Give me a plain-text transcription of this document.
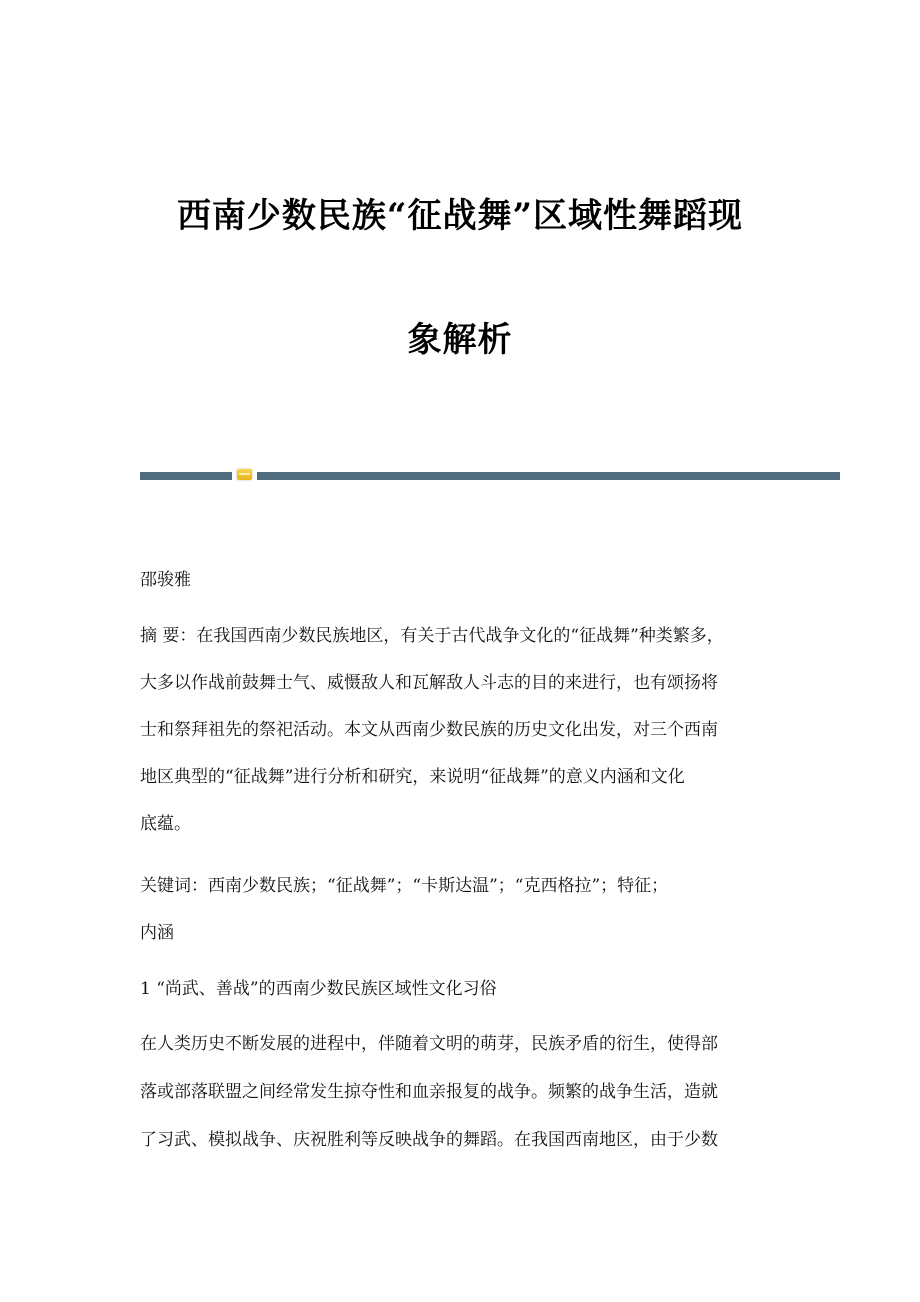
西南少数民族“征战舞”区域性舞蹈现
象解析
邵骏雅
摘 要：在我国西南少数民族地区，有关于古代战争文化的“征战舞”种类繁多，
大多以作战前鼓舞士气、威慑敌人和瓦解敌人斗志的目的来进行，也有颂扬将
士和祭拜祖先的祭祀活动。本文从西南少数民族的历史文化出发，对三个西南
地区典型的“征战舞”进行分析和研究，来说明“征战舞”的意义内涵和文化
底蕴。
关键词：西南少数民族；“征战舞”；“卡斯达温”；“克西格拉”；特征；
内涵
1 “尚武、善战”的西南少数民族区域性文化习俗
在人类历史不断发展的进程中，伴随着文明的萌芽，民族矛盾的衍生，使得部
落或部落联盟之间经常发生掠夺性和血亲报复的战争。频繁的战争生活，造就
了习武、模拟战争、庆祝胜利等反映战争的舞蹈。在我国西南地区，由于少数
